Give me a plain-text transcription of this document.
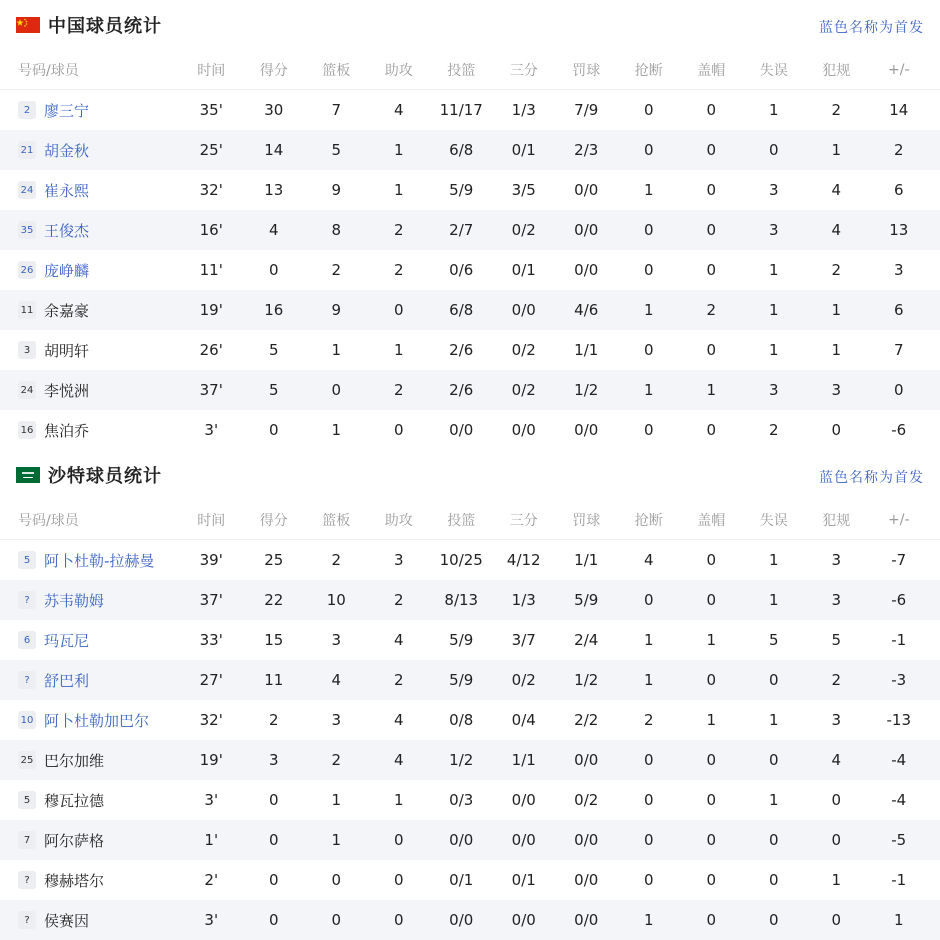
中国球员统计	蓝色名称为首发
号码/球员	时间	得分	篮板	助攻	投篮	三分	罚球	抢断	盖帽	失误	犯规	+/-
2 廖三宁	35'	30	7	4	11/17	1/3	7/9	0	0	1	2	14
21 胡金秋	25'	14	5	1	6/8	0/1	2/3	0	0	0	1	2
24 崔永熙	32'	13	9	1	5/9	3/5	0/0	1	0	3	4	6
35 王俊杰	16'	4	8	2	2/7	0/2	0/0	0	0	3	4	13
26 庞峥麟	11'	0	2	2	0/6	0/1	0/0	0	0	1	2	3
11 余嘉豪	19'	16	9	0	6/8	0/0	4/6	1	2	1	1	6
3 胡明轩	26'	5	1	1	2/6	0/2	1/1	0	0	1	1	7
24 李悦洲	37'	5	0	2	2/6	0/2	1/2	1	1	3	3	0
16 焦泊乔	3'	0	1	0	0/0	0/0	0/0	0	0	2	0	-6
沙特球员统计	蓝色名称为首发
号码/球员	时间	得分	篮板	助攻	投篮	三分	罚球	抢断	盖帽	失误	犯规	+/-
5 阿卜杜勒-拉赫曼	39'	25	2	3	10/25	4/12	1/1	4	0	1	3	-7
? 苏韦勒姆	37'	22	10	2	8/13	1/3	5/9	0	0	1	3	-6
6 玛瓦尼	33'	15	3	4	5/9	3/7	2/4	1	1	5	5	-1
? 舒巴利	27'	11	4	2	5/9	0/2	1/2	1	0	0	2	-3
10 阿卜杜勒加巴尔	32'	2	3	4	0/8	0/4	2/2	2	1	1	3	-13
25 巴尔加维	19'	3	2	4	1/2	1/1	0/0	0	0	0	4	-4
5 穆瓦拉德	3'	0	1	1	0/3	0/0	0/2	0	0	1	0	-4
7 阿尔萨格	1'	0	1	0	0/0	0/0	0/0	0	0	0	0	-5
? 穆赫塔尔	2'	0	0	0	0/1	0/1	0/0	0	0	0	1	-1
? 侯赛因	3'	0	0	0	0/0	0/0	0/0	1	0	0	0	1
